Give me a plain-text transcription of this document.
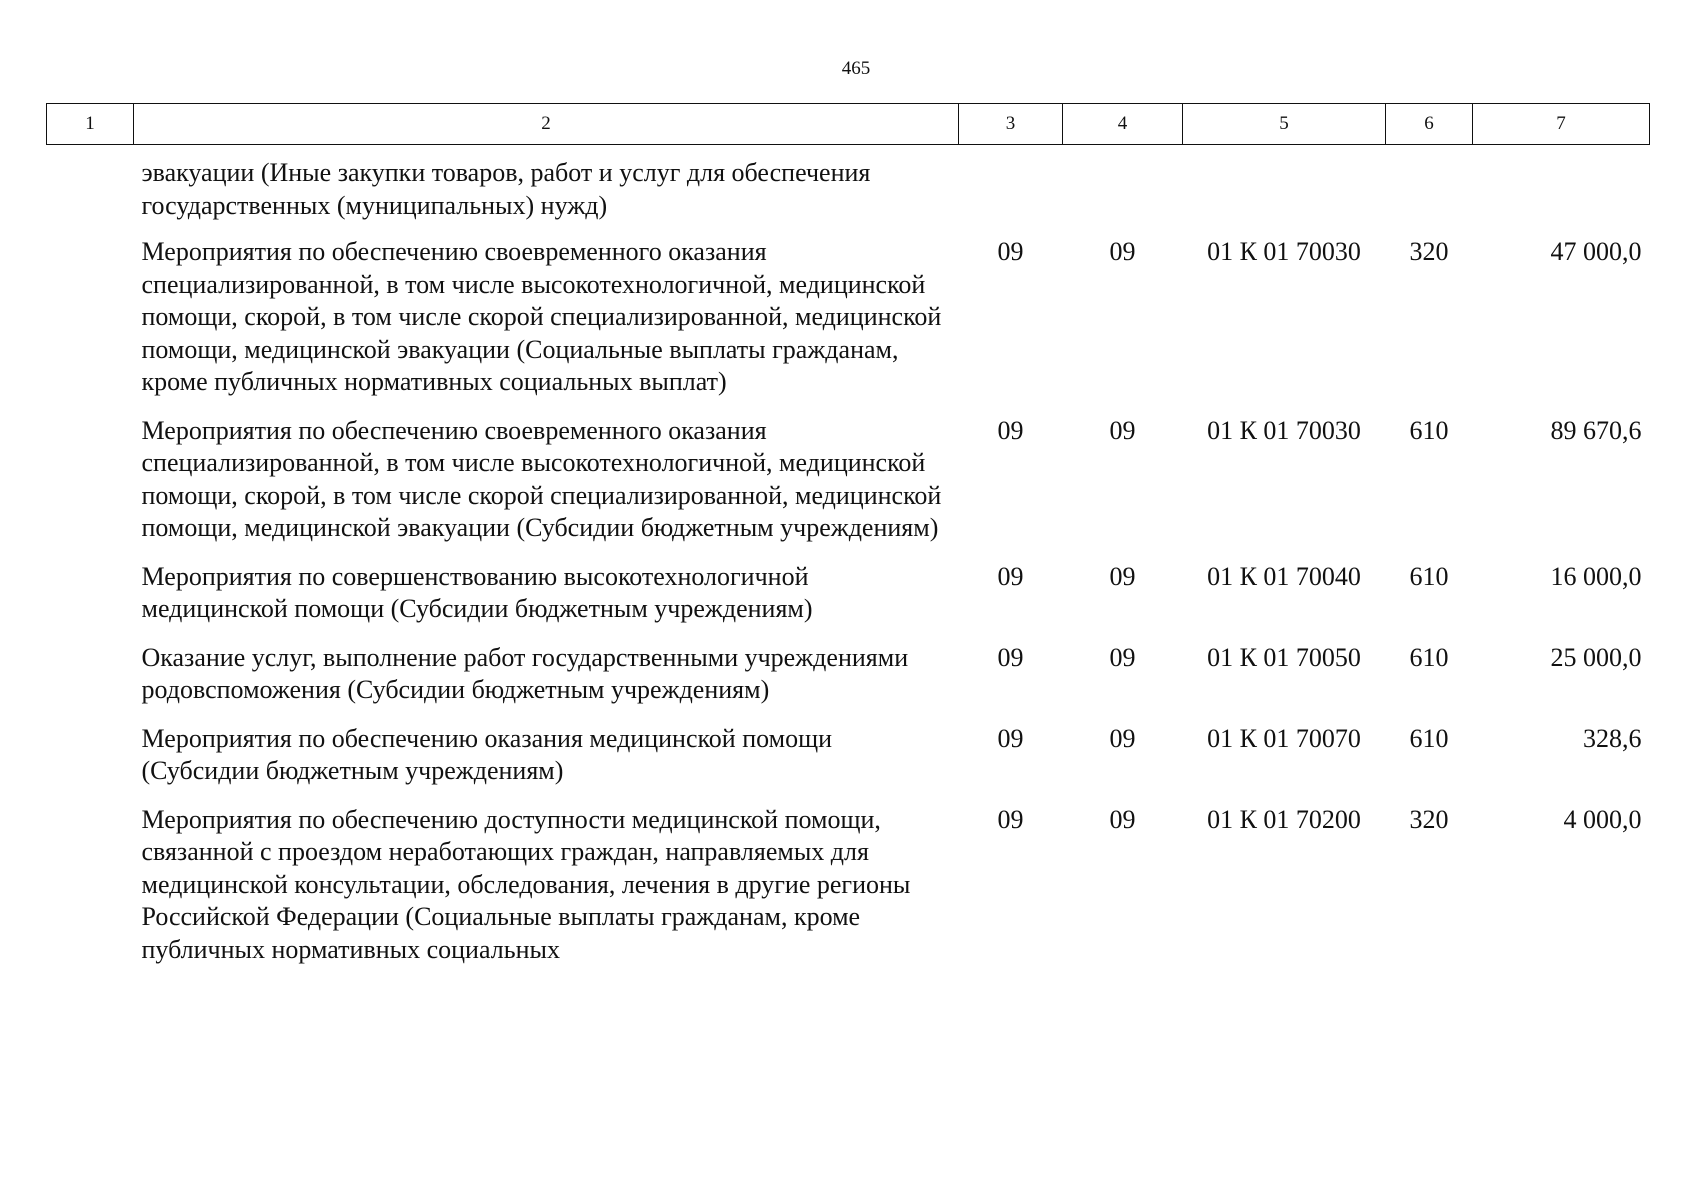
465
1	2	3	4	5	6	7
	эвакуации (Иные закупки товаров, работ и услуг для обеспечения государственных (муниципальных) нужд)					
	Мероприятия по обеспечению своевременного оказания специализированной, в том числе высокотехнологичной, медицинской помощи, скорой, в том числе скорой специализированной, медицинской помощи, медицинской эвакуации (Социальные выплаты гражданам, кроме публичных нормативных социальных выплат)	09	09	01 К 01 70030	320	47 000,0
	Мероприятия по обеспечению своевременного оказания специализированной, в том числе высокотехнологичной, медицинской помощи, скорой, в том числе скорой специализированной, медицинской помощи, медицинской эвакуации (Субсидии бюджетным учреждениям)	09	09	01 К 01 70030	610	89 670,6
	Мероприятия по совершенствованию высокотехнологичной медицинской помощи (Субсидии бюджетным учреждениям)	09	09	01 К 01 70040	610	16 000,0
	Оказание услуг, выполнение работ государственными учреждениями родовспоможения (Субсидии бюджетным учреждениям)	09	09	01 К 01 70050	610	25 000,0
	Мероприятия по обеспечению оказания медицинской помощи (Субсидии бюджетным учреждениям)	09	09	01 К 01 70070	610	328,6
	Мероприятия по обеспечению доступности медицинской помощи, связанной с проездом неработающих граждан, направляемых для медицинской консультации, обследования, лечения в другие регионы Российской Федерации (Социальные выплаты гражданам, кроме публичных нормативных социальных	09	09	01 К 01 70200	320	4 000,0
